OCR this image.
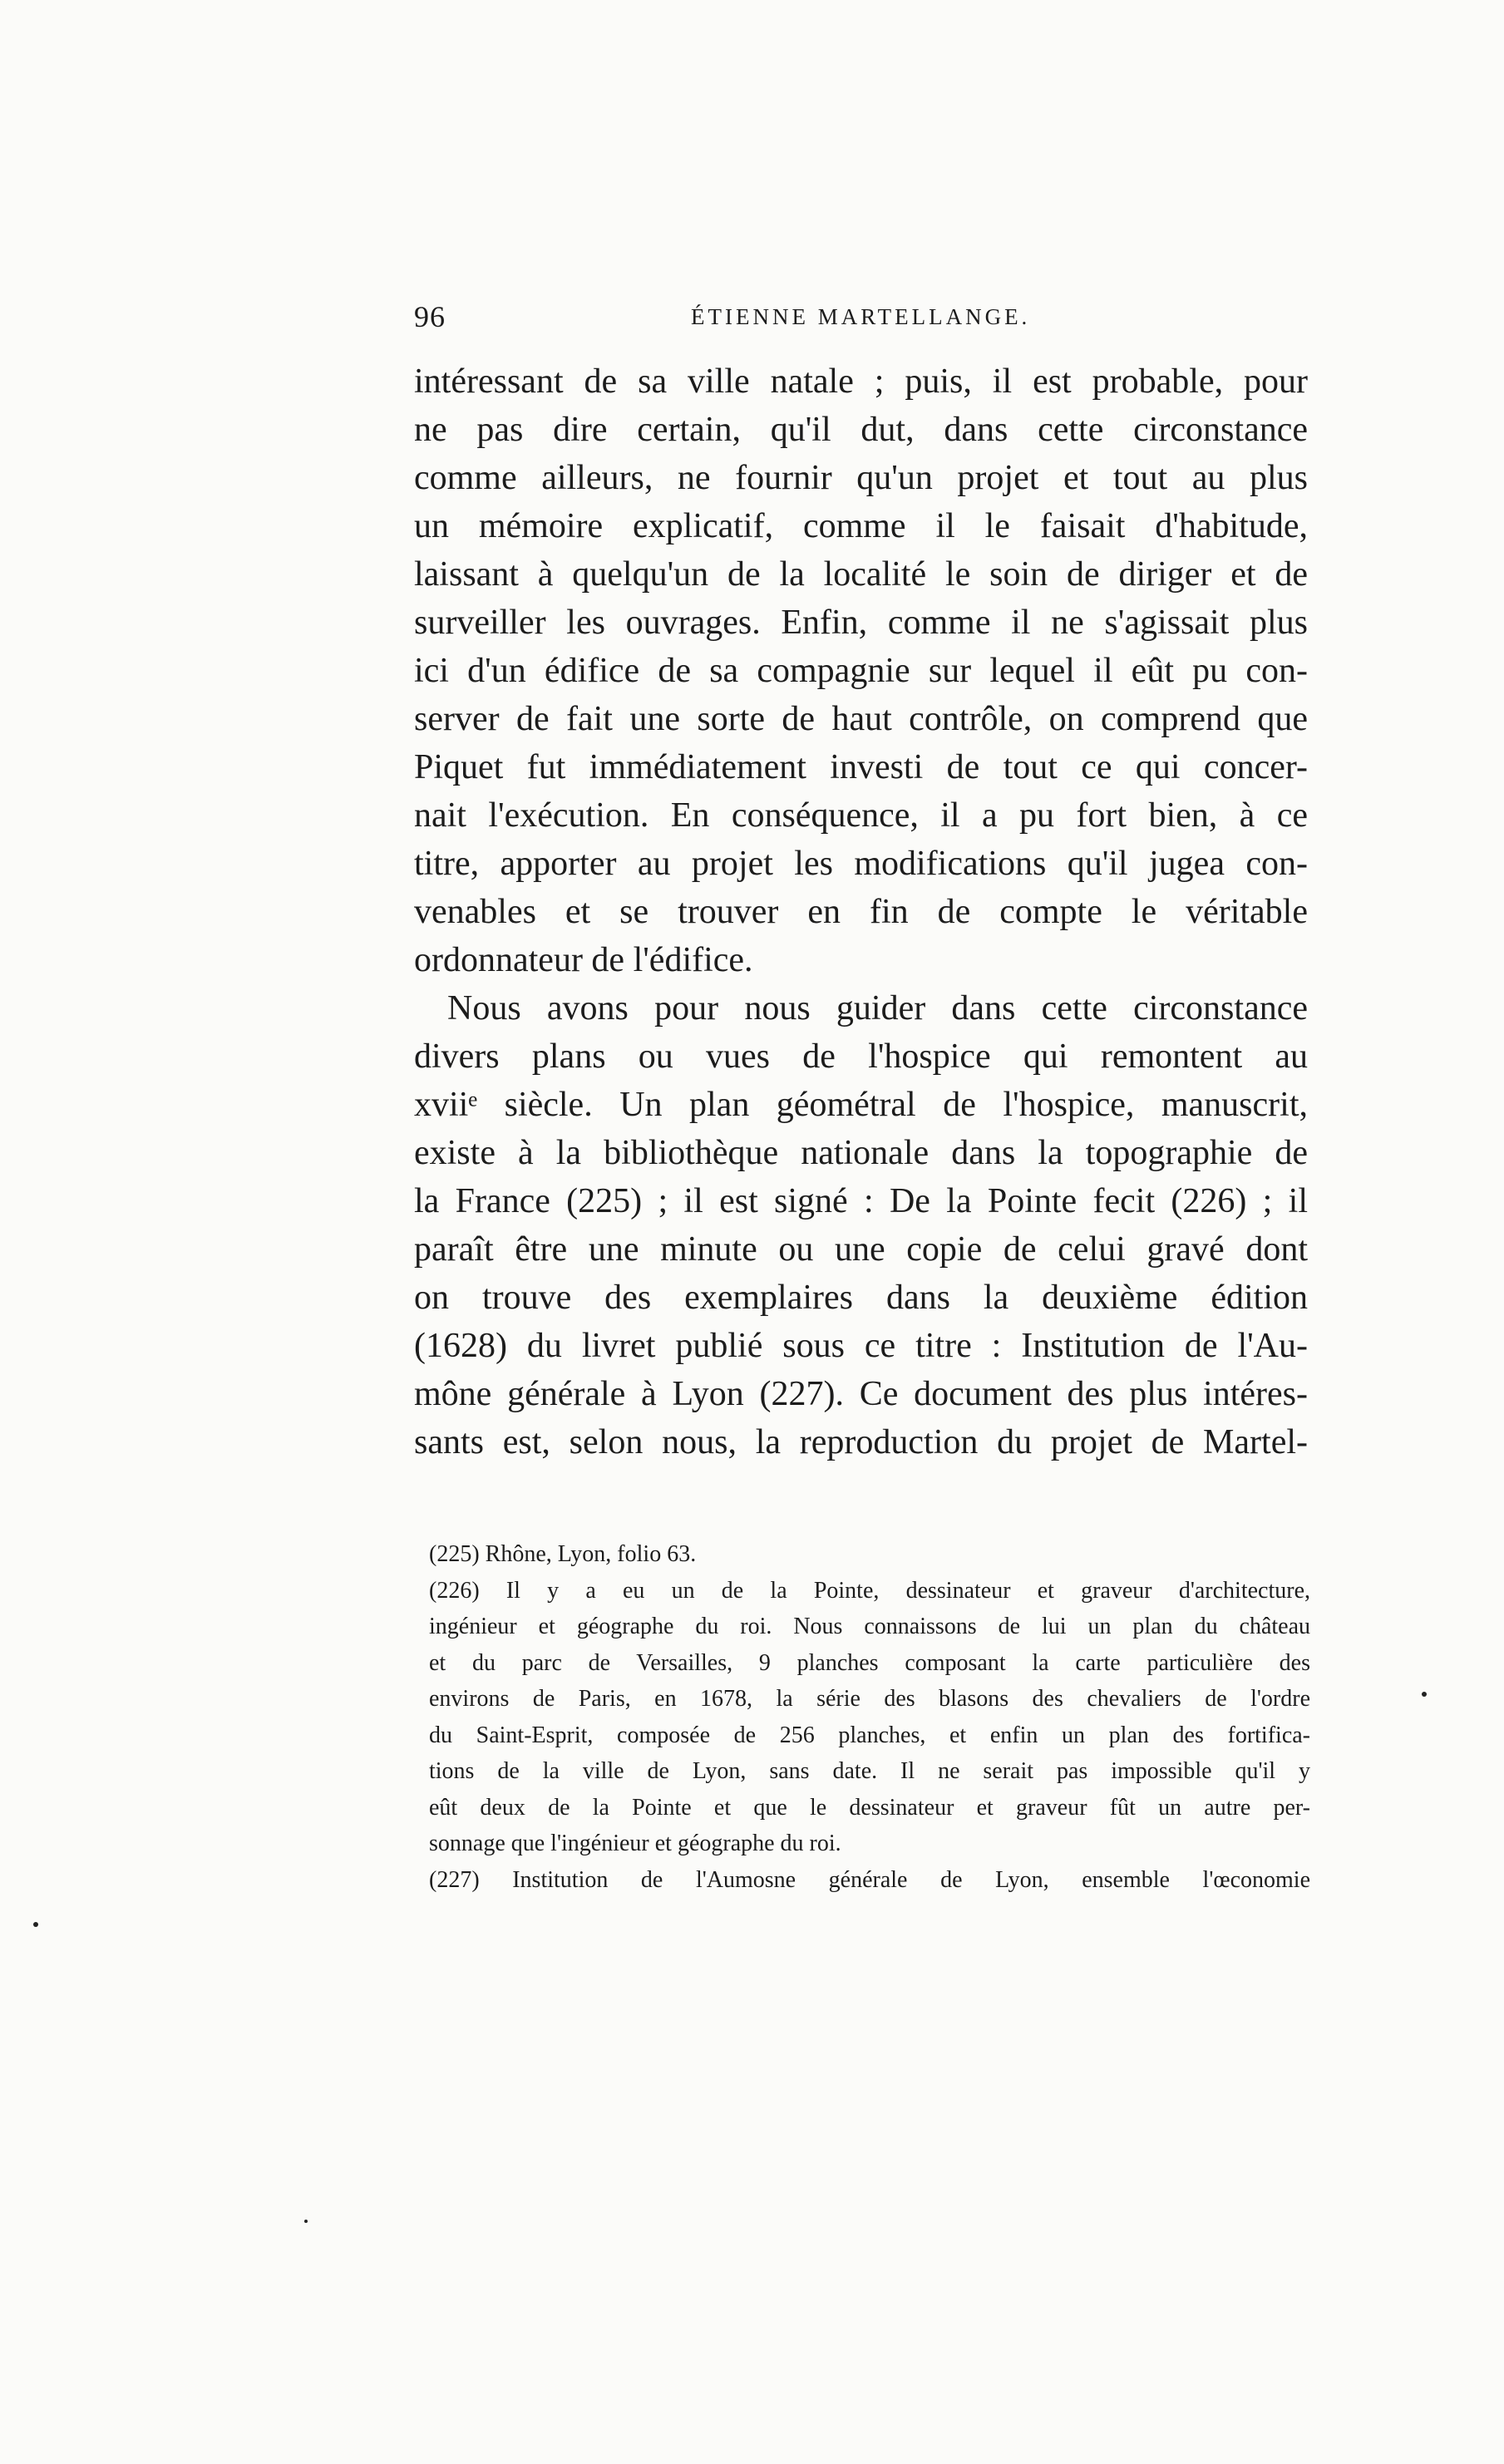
96	ÉTIENNE MARTELLANGE.
intéressant de sa ville natale ; puis, il est probable, pour
ne pas dire certain, qu'il dut, dans cette circonstance
comme ailleurs, ne fournir qu'un projet et tout au plus
un mémoire explicatif, comme il le faisait d'habitude,
laissant à quelqu'un de la localité le soin de diriger et de
surveiller les ouvrages. Enfin, comme il ne s'agissait plus
ici d'un édifice de sa compagnie sur lequel il eût pu con-
server de fait une sorte de haut contrôle, on comprend que
Piquet fut immédiatement investi de tout ce qui concer-
nait l'exécution. En conséquence, il a pu fort bien, à ce
titre, apporter au projet les modifications qu'il jugea con-
venables et se trouver en fin de compte le véritable
ordonnateur de l'édifice.
Nous avons pour nous guider dans cette circonstance
divers plans ou vues de l'hospice qui remontent au
xviiᵉ siècle. Un plan géométral de l'hospice, manuscrit,
existe à la bibliothèque nationale dans la topographie de
la France (225) ; il est signé : De la Pointe fecit (226) ; il
paraît être une minute ou une copie de celui gravé dont
on trouve des exemplaires dans la deuxième édition
(1628) du livret publié sous ce titre : Institution de l'Au-
mône générale à Lyon (227). Ce document des plus intéres-
sants est, selon nous, la reproduction du projet de Martel-
(225) Rhône, Lyon, folio 63.
(226) Il y a eu un de la Pointe, dessinateur et graveur d'architecture,
ingénieur et géographe du roi. Nous connaissons de lui un plan du château
et du parc de Versailles, 9 planches composant la carte particulière des
environs de Paris, en 1678, la série des blasons des chevaliers de l'ordre
du Saint-Esprit, composée de 256 planches, et enfin un plan des fortifica-
tions de la ville de Lyon, sans date. Il ne serait pas impossible qu'il y
eût deux de la Pointe et que le dessinateur et graveur fût un autre per-
sonnage que l'ingénieur et géographe du roi.
(227) Institution de l'Aumosne générale de Lyon, ensemble l'œconomie
